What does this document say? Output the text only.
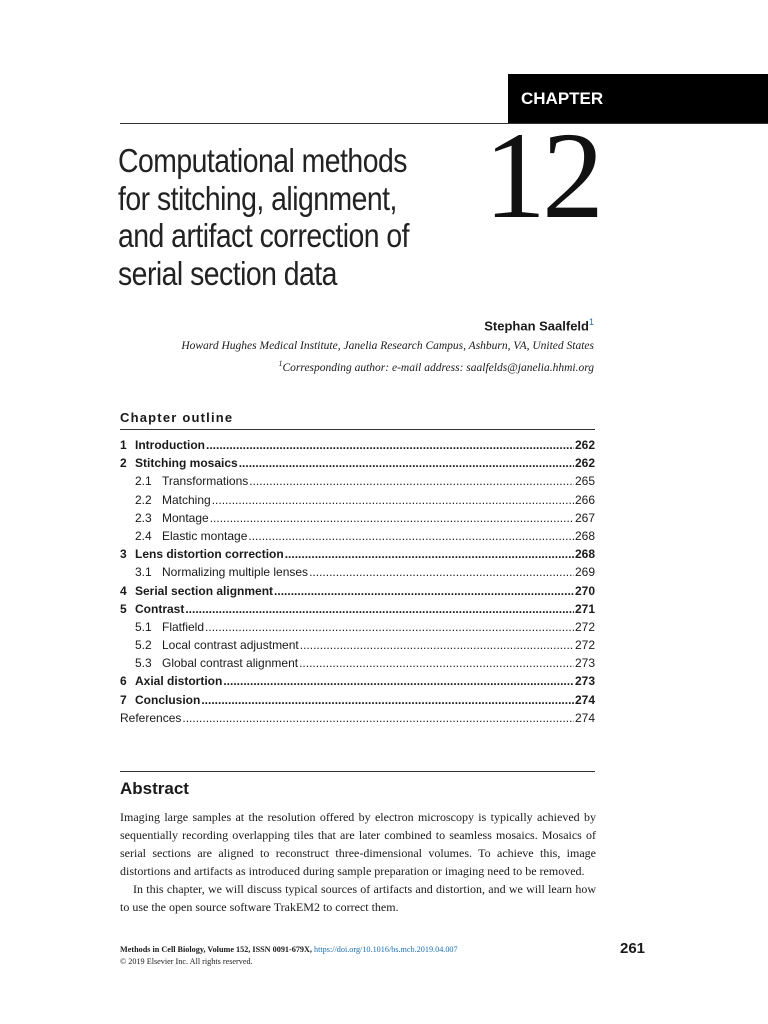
CHAPTER
Computational methods
for stitching, alignment,
and artifact correction of
serial section data
12
Stephan Saalfeld$^1$
Howard Hughes Medical Institute, Janelia Research Campus, Ashburn, VA, United States
$^1$Corresponding author: e-mail address: saalfelds@janelia.hhmi.org
Chapter outline
1 Introduction .....	262
2 Stitching mosaics .....	262
2.1 Transformations .....	265
2.2 Matching .....	266
2.3 Montage .....	267
2.4 Elastic montage .....	268
3 Lens distortion correction .....	268
3.1 Normalizing multiple lenses .....	269
4 Serial section alignment .....	270
5 Contrast .....	271
5.1 Flatfield .....	272
5.2 Local contrast adjustment .....	272
5.3 Global contrast alignment .....	273
6 Axial distortion .....	273
7 Conclusion .....	274
References .....	274
Abstract

Imaging large samples at the resolution offered by electron microscopy is typically achieved by sequentially recording overlapping tiles that are later combined to seamless mosaics. Mosaics of serial sections are aligned to reconstruct three-dimensional volumes. To achieve this, image distortions and artifacts as introduced during sample preparation or imaging need to be removed.

In this chapter, we will discuss typical sources of artifacts and distortion, and we will learn how to use the open source software TrakEM2 to correct them.

Methods in Cell Biology, Volume 152, ISSN 0091-679X, https://doi.org/10.1016/bs.mcb.2019.04.007
© 2019 Elsevier Inc. All rights reserved.
261
